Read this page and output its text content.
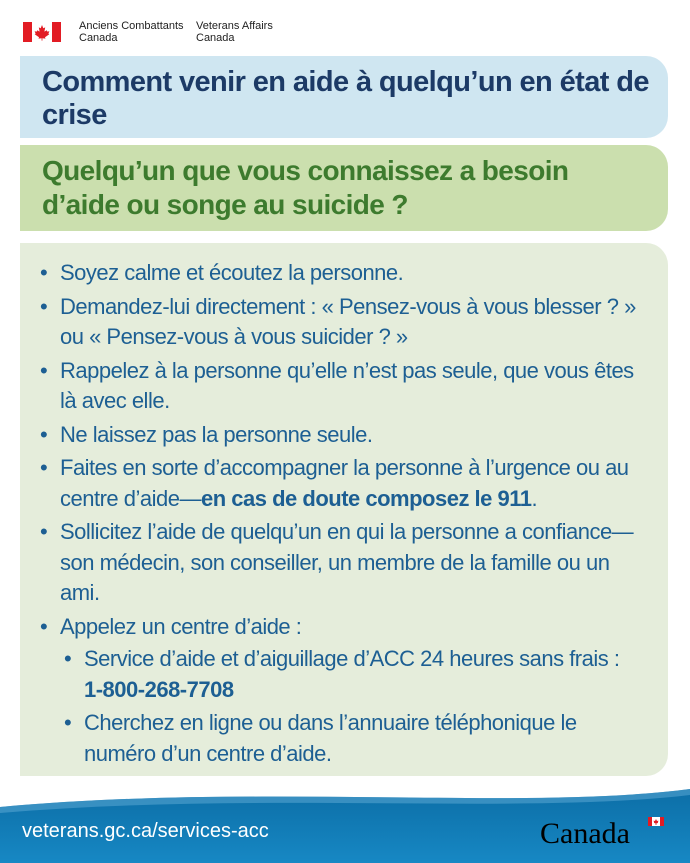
Anciens Combattants
Canada
Veterans Affairs
Canada
Comment venir en aide à quelqu’un en état de crise
Quelqu’un que vous connaissez a besoin d’aide ou songe au suicide ?
• Soyez calme et écoutez la personne.
• Demandez-lui directement : « Pensez-vous à vous blesser ? »
ou « Pensez-vous à vous suicider ? »
• Rappelez à la personne qu’elle n’est pas seule, que vous êtes là avec elle.
• Ne laissez pas la personne seule.
• Faites en sorte d’accompagner la personne à l’urgence ou au centre d’aide—en cas de doute composez le 911.
• Sollicitez l’aide de quelqu’un en qui la personne a confiance—son médecin, son conseiller, un membre de la famille ou un ami.
• Appelez un centre d’aide :
• Service d’aide et d’aiguillage d’ACC 24 heures sans frais :
1-800-268-7708
• Cherchez en ligne ou dans l’annuaire téléphonique le numéro d’un centre d’aide.
veterans.gc.ca/services-acc	Canada
